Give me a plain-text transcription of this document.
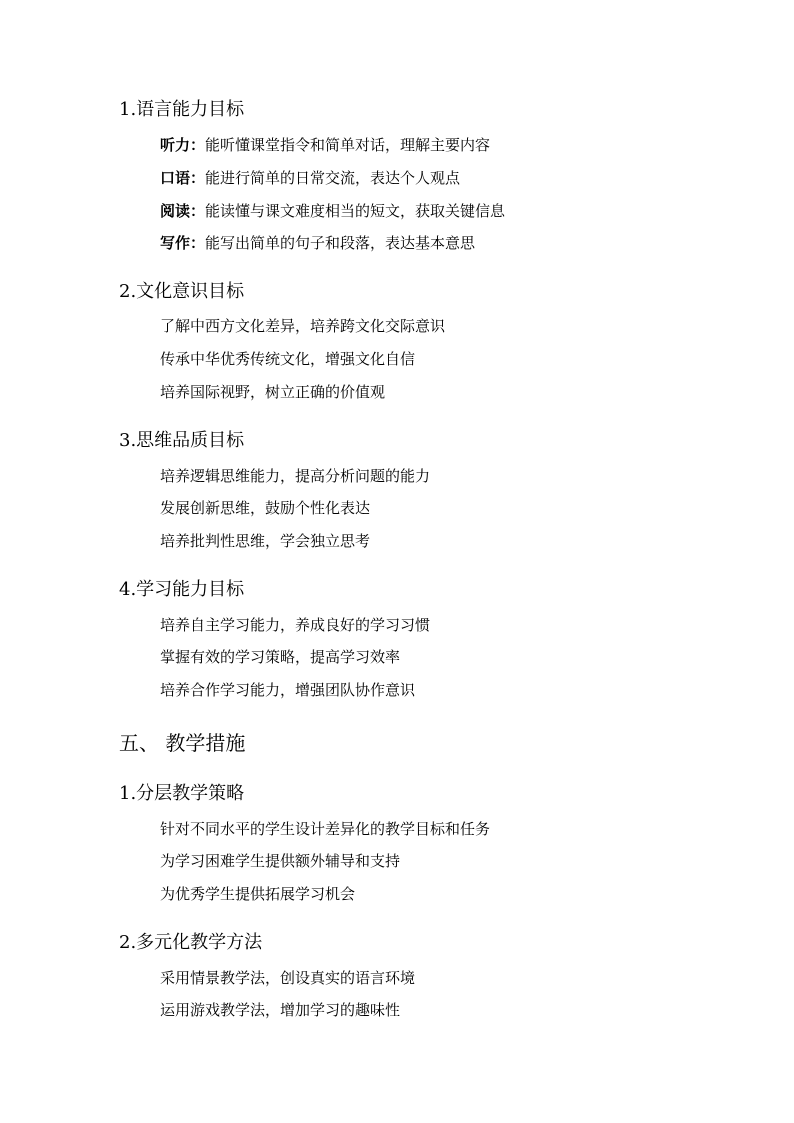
1.语言能力目标
听力：能听懂课堂指令和简单对话，理解主要内容
口语：能进行简单的日常交流，表达个人观点
阅读：能读懂与课文难度相当的短文，获取关键信息
写作：能写出简单的句子和段落，表达基本意思
2.文化意识目标
了解中西方文化差异，培养跨文化交际意识
传承中华优秀传统文化，增强文化自信
培养国际视野，树立正确的价值观
3.思维品质目标
培养逻辑思维能力，提高分析问题的能力
发展创新思维，鼓励个性化表达
培养批判性思维，学会独立思考
4.学习能力目标
培养自主学习能力，养成良好的学习习惯
掌握有效的学习策略，提高学习效率
培养合作学习能力，增强团队协作意识
五、 教学措施
1.分层教学策略
针对不同水平的学生设计差异化的教学目标和任务
为学习困难学生提供额外辅导和支持
为优秀学生提供拓展学习机会
2.多元化教学方法
采用情景教学法，创设真实的语言环境
运用游戏教学法，增加学习的趣味性
